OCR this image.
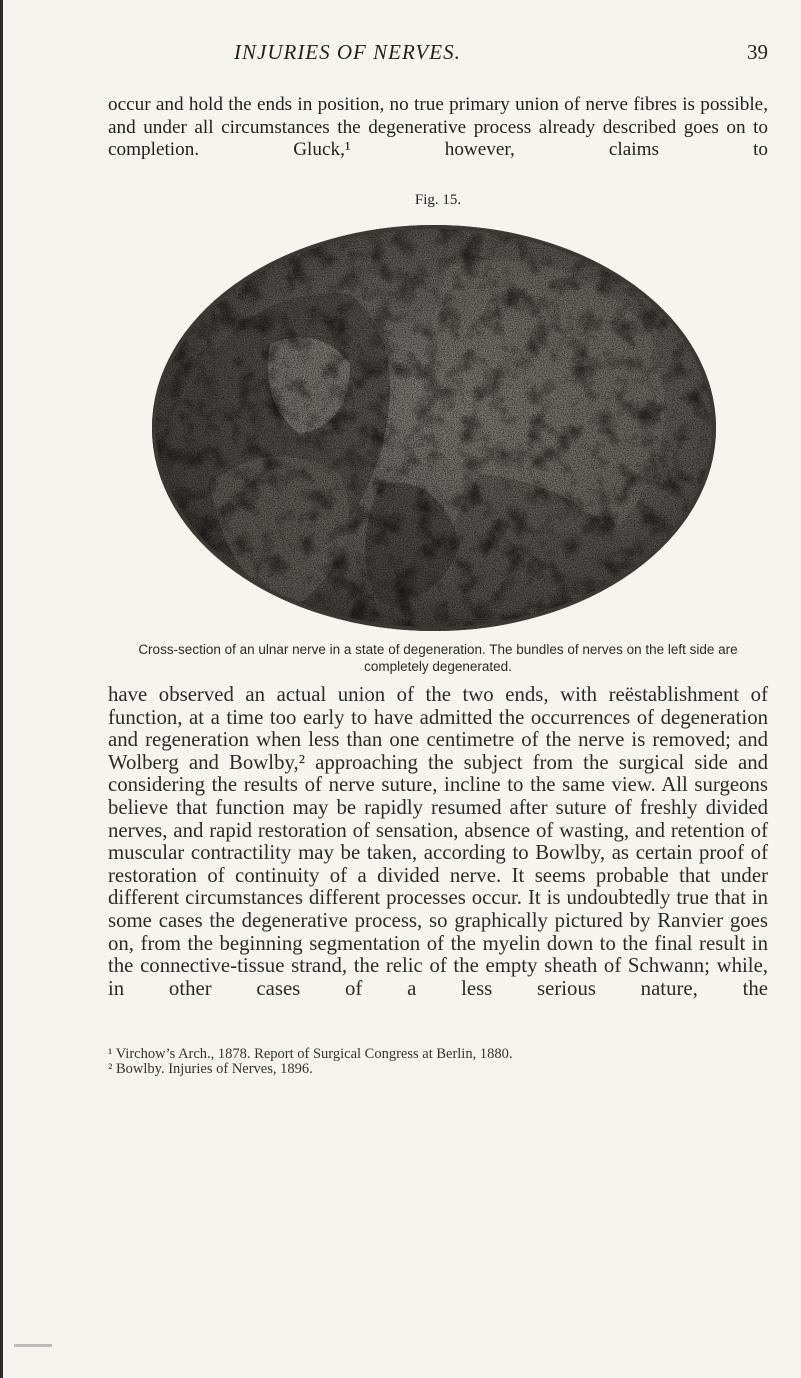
INJURIES OF NERVES.	39

occur and hold the ends in position, no true primary union of nerve fibres is possible, and under all circumstances the degenerative process already described goes on to completion. Gluck,¹ however, claims to

Fig. 15.
Cross-section of an ulnar nerve in a state of degeneration. The bundles of nerves on the left side are completely degenerated.

have observed an actual union of the two ends, with reëstablishment of function, at a time too early to have admitted the occurrences of degeneration and regeneration when less than one centimetre of the nerve is removed; and Wolberg and Bowlby,² approaching the subject from the surgical side and considering the results of nerve suture, incline to the same view. All surgeons believe that function may be rapidly resumed after suture of freshly divided nerves, and rapid restoration of sensation, absence of wasting, and retention of muscular contractility may be taken, according to Bowlby, as certain proof of restoration of continuity of a divided nerve. It seems probable that under different circumstances different processes occur. It is undoubtedly true that in some cases the degenerative process, so graphically pictured by Ranvier goes on, from the beginning segmentation of the myelin down to the final result in the connective-tissue strand, the relic of the empty sheath of Schwann; while, in other cases of a less serious nature, the

¹ Virchow’s Arch., 1878. Report of Surgical Congress at Berlin, 1880.

² Bowlby. Injuries of Nerves, 1896.
